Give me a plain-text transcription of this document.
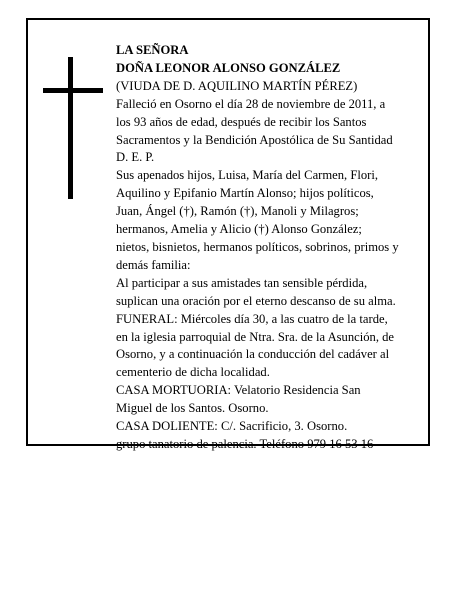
LA SEÑORA

DOÑA LEONOR ALONSO GONZÁLEZ

(VIUDA DE D. AQUILINO MARTÍN PÉREZ)

Falleció en Osorno el día 28 de noviembre de 2011, a
los 93 años de edad, después de recibir los Santos
Sacramentos y la Bendición Apostólica de Su Santidad
D. E. P.

Sus apenados hijos, Luisa, María del Carmen, Flori,
Aquilino y Epifanio Martín Alonso; hijos políticos,
Juan, Ángel (†), Ramón (†), Manoli y Milagros;
hermanos, Amelia y Alicio (†) Alonso González;
nietos, bisnietos, hermanos políticos, sobrinos, primos y
demás familia:

Al participar a sus amistades tan sensible pérdida,
suplican una oración por el eterno descanso de su alma.

FUNERAL: Miércoles día 30, a las cuatro de la tarde,
en la iglesia parroquial de Ntra. Sra. de la Asunción, de
Osorno, y a continuación la conducción del cadáver al
cementerio de dicha localidad.

CASA MORTUORIA: Velatorio Residencia San
Miguel de los Santos. Osorno.

CASA DOLIENTE: C/. Sacrificio, 3. Osorno.

grupo tanatorio de palencia. Teléfono 979 16 53 16
